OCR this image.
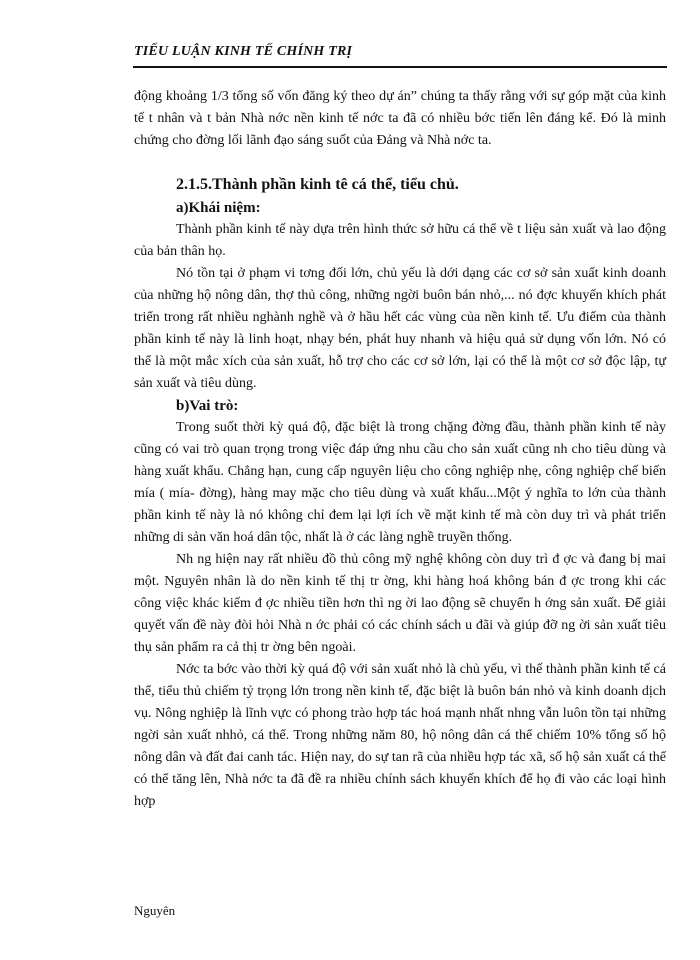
TIỂU LUẬN KINH TẾ CHÍNH TRỊ

động khoảng 1/3 tổng số vốn đăng ký theo dự án” chúng ta thấy rằng với sự góp mặt của kinh tế t nhân và t bản Nhà nớc nền kinh tế nớc ta đã có nhiều bớc tiến lên đáng kể. Đó là minh chứng cho đờng lối lãnh đạo sáng suốt của Đảng và Nhà nớc ta.

2.1.5.Thành phần kinh tê cá thể, tiểu chủ.
a)Khái niệm:

Thành phần kinh tế này dựa trên hình thức sở hữu cá thể về t liệu sản xuất và lao động của bản thân họ.

Nó tồn tại ở phạm vi tơng đối lớn, chủ yếu là dới dạng các cơ sở sản xuất kinh doanh của những hộ nông dân, thợ thủ công, những ngời buôn bán nhỏ,... nó đợc khuyến khích phát triển trong rất nhiều nghành nghề và ở hầu hết các vùng của nền kinh tế. Ưu điểm của thành phần kinh tế này là linh hoạt, nhạy bén, phát huy nhanh và hiệu quả sử dụng vốn lớn. Nó có thể là một mắc xích của sản xuất, hỗ trợ cho các cơ sở lớn, lại có thể là một cơ sở độc lập, tự sản xuất và tiêu dùng.

b)Vai trò:

Trong suốt thời kỳ quá độ, đặc biệt là trong chặng đờng đầu, thành phần kinh tế này cũng có vai trò quan trọng trong việc đáp ứng nhu cầu cho sản xuất cũng nh cho tiêu dùng và hàng xuất khẩu. Chẳng hạn, cung cấp nguyên liệu cho công nghiệp nhẹ, công nghiệp chế biến mía ( mía- đờng), hàng may mặc cho tiêu dùng và xuất khẩu...Một ý nghĩa to lớn của thành phần kinh tế này là nó không chỉ đem lại lợi ích về mặt kinh tế mà còn duy trì và phát triển những di sản văn hoá dân tộc, nhất là ở các làng nghề truyền thống.

Nh ng hiện nay rất nhiều đồ thủ công mỹ nghệ không còn duy trì đ ợc và đang bị mai một. Nguyên nhân là do nền kinh tế thị tr ờng, khi hàng hoá không bán đ ợc trong khi các công việc khác kiếm đ ợc nhiều tiền hơn thì ng ời lao động sẽ chuyển h ớng sản xuất. Để giải quyết vấn đề này đòi hỏi Nhà n ớc phải có các chính sách u đãi và giúp đỡ ng ời sản xuất tiêu thụ sản phẩm ra cả thị tr ờng bên ngoài.

Nớc ta bớc vào thời kỳ quá độ với sản xuất nhỏ là chủ yếu, vì thế thành phần kinh tế cá thể, tiểu thủ chiếm tỷ trọng lớn trong nền kinh tế, đặc biệt là buôn bán nhỏ và kinh doanh dịch vụ. Nông nghiệp là lĩnh vực có phong trào hợp tác hoá mạnh nhất nhng vẫn luôn tồn tại những ngời sản xuất nhhỏ, cá thể. Trong những năm 80, hộ nông dân cá thể chiếm 10% tổng số hộ nông dân và đất đai canh tác. Hiện nay, do sự tan rã của nhiều hợp tác xã, số hộ sản xuất cá thể có thể tăng lên, Nhà nớc ta đã đề ra nhiều chính sách khuyến khích để họ đi vào các loại hình hợp

Nguyên
